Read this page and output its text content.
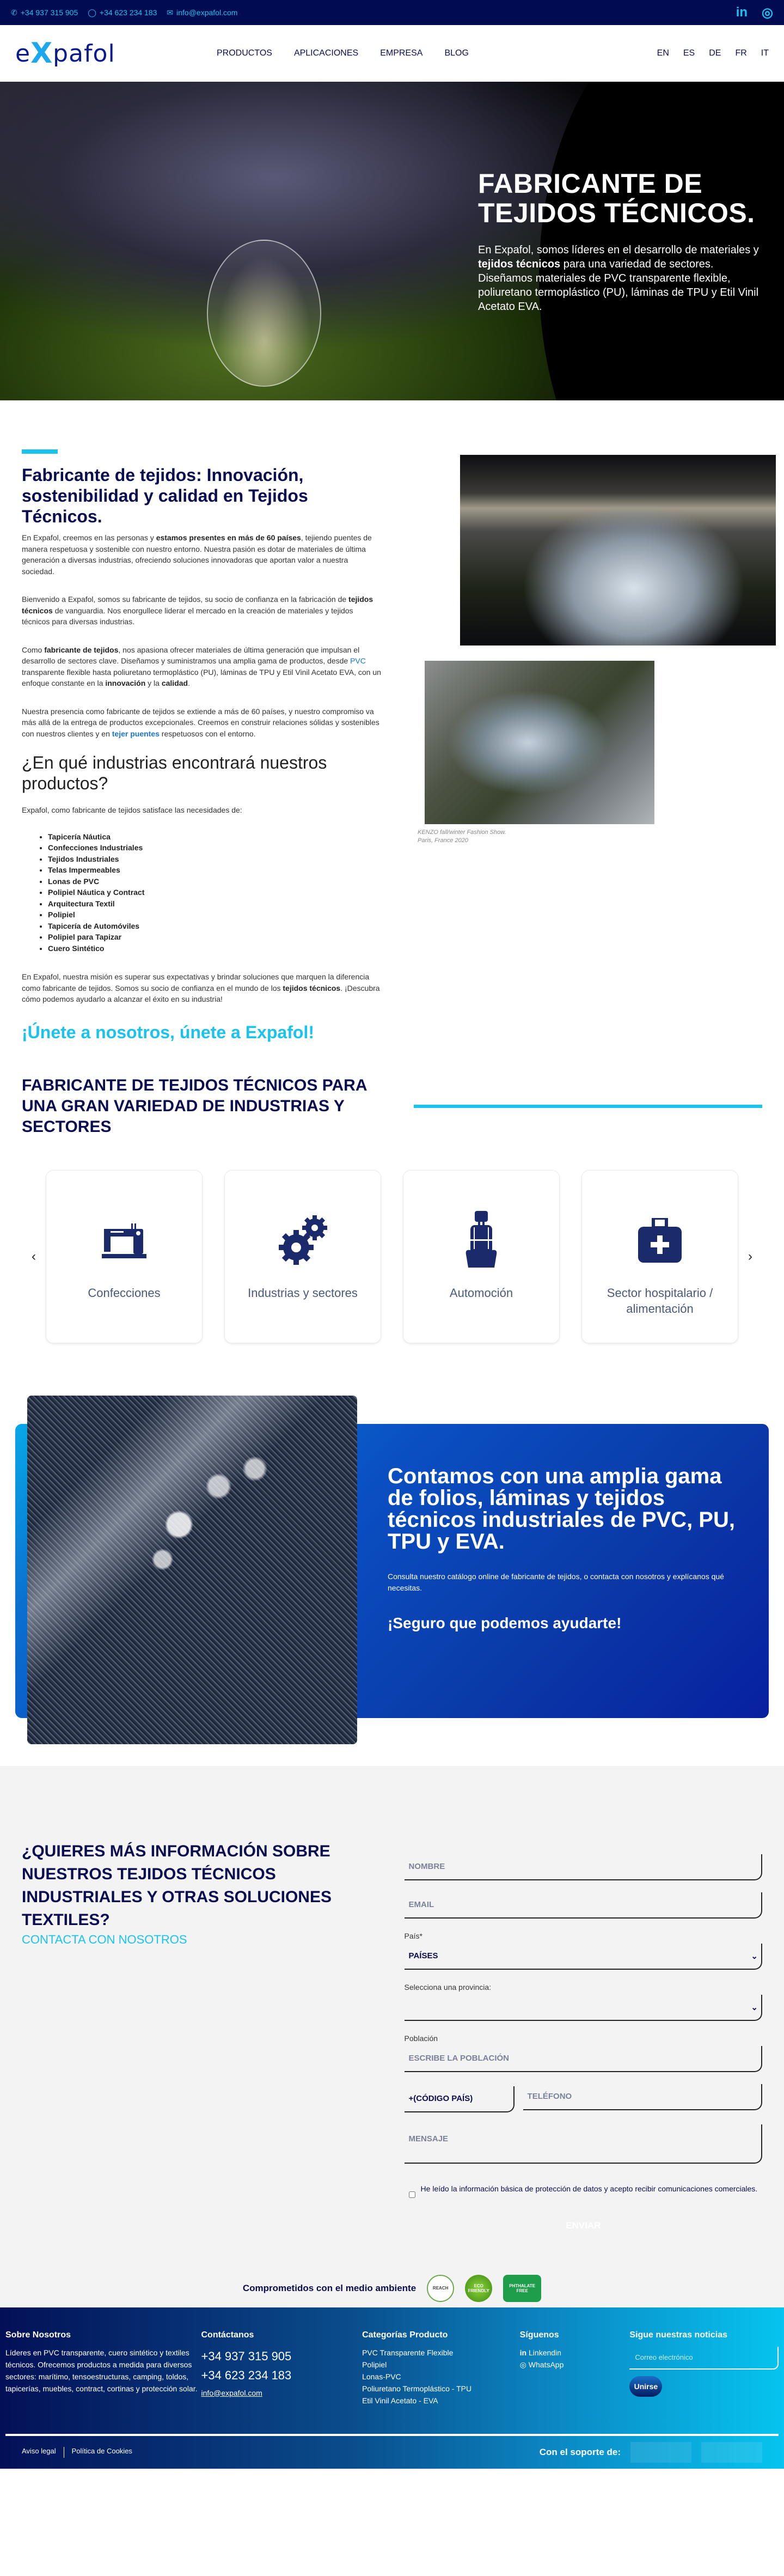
✆ +34 937 315 905 ◯ +34 623 234 183 ✉ info@expafol.com	in ◎
e X pafol	PRODUCTOS	APLICACIONES	EMPRESA	BLOG	EN ES DE FR IT
FABRICANTE DE
TEJIDOS TÉCNICOS.

En Expafol, somos líderes en el desarrollo de materiales y tejidos técnicos para una variedad de sectores. Diseñamos materiales de PVC transparente flexible, poliuretano termoplástico (PU), láminas de TPU y Etil Vinil Acetato EVA.

Fabricante de tejidos: Innovación, sostenibilidad y calidad en Tejidos Técnicos.

En Expafol, creemos en las personas y estamos presentes en más de 60 países, tejiendo puentes de manera respetuosa y sostenible con nuestro entorno. Nuestra pasión es dotar de materiales de última generación a diversas industrias, ofreciendo soluciones innovadoras que aportan valor a nuestra sociedad.

Bienvenido a Expafol, somos su fabricante de tejidos, su socio de confianza en la fabricación de tejidos técnicos de vanguardia. Nos enorgullece liderar el mercado en la creación de materiales y tejidos técnicos para diversas industrias.

Como fabricante de tejidos, nos apasiona ofrecer materiales de última generación que impulsan el desarrollo de sectores clave. Diseñamos y suministramos una amplia gama de productos, desde PVC transparente flexible hasta poliuretano termoplástico (PU), láminas de TPU y Etil Vinil Acetato EVA, con un enfoque constante en la innovación y la calidad.

Nuestra presencia como fabricante de tejidos se extiende a más de 60 países, y nuestro compromiso va más allá de la entrega de productos excepcionales. Creemos en construir relaciones sólidas y sostenibles con nuestros clientes y en tejer puentes respetuosos con el entorno.

¿En qué industrias encontrará nuestros productos?

Expafol, como fabricante de tejidos satisface las necesidades de:

• Tapicería Náutica
• Confecciones Industriales
• Tejidos Industriales
• Telas Impermeables
• Lonas de PVC
• Polipiel Náutica y Contract
• Arquitectura Textil
• Polipiel
• Tapicería de Automóviles
• Polipiel para Tapizar
• Cuero Sintético

En Expafol, nuestra misión es superar sus expectativas y brindar soluciones que marquen la diferencia como fabricante de tejidos. Somos su socio de confianza en el mundo de los tejidos técnicos. ¡Descubra cómo podemos ayudarlo a alcanzar el éxito en su industria!

¡Únete a nosotros, únete a Expafol!
KENZO fall/winter Fashion Show.
Paris, France 2020
FABRICANTE DE TEJIDOS TÉCNICOS PARA UNA GRAN VARIEDAD DE INDUSTRIAS Y SECTORES
‹
Confecciones	Industrias y sectores	Automoción	Sector hospitalario / alimentación
›
Contamos con una amplia gama de folios, láminas y tejidos técnicos industriales de PVC, PU, TPU y EVA.

Consulta nuestro catálogo online de fabricante de tejidos, o contacta con nosotros y explícanos qué necesitas.

¡Seguro que podemos ayudarte!
¿QUIERES MÁS INFORMACIÓN SOBRE NUESTROS TEJIDOS TÉCNICOS INDUSTRIALES Y OTRAS SOLUCIONES TEXTILES?
CONTACTA CON NOSOTROS
NOMBRE
EMAIL
País*
PAÍSES	⌄
Selecciona una provincia:
⌄
Población
ESCRIBE LA POBLACIÓN
+(CÓDIGO PAÍS)	TELÉFONO
MENSAJE
He leído la información básica de protección de datos y acepto recibir comunicaciones comerciales.
ENVIAR
Comprometidos con el medio ambiente	REACH	ECO FRIENDLY
PHTHALATE FREE
Sobre Nosotros

Líderes en PVC transparente, cuero sintético y textiles técnicos. Ofrecemos productos a medida para diversos sectores: marítimo, tensoestructuras, camping, toldos, tapicerías, muebles, contract, cortinas y protección solar.

Contáctanos
+34 937 315 905
+34 623 234 183
info@expafol.com
Categorías Producto
PVC Transparente Flexible
Polipiel
Lonas-PVC
Poliuretano Termoplástico - TPU
Etil Vinil Acetato - EVA
Síguenos
in Linkendin
◎ WhatsApp
Sigue nuestras noticias
Correo electrónico
Unirse
Aviso legal Política de Cookies	Con el soporte de:
